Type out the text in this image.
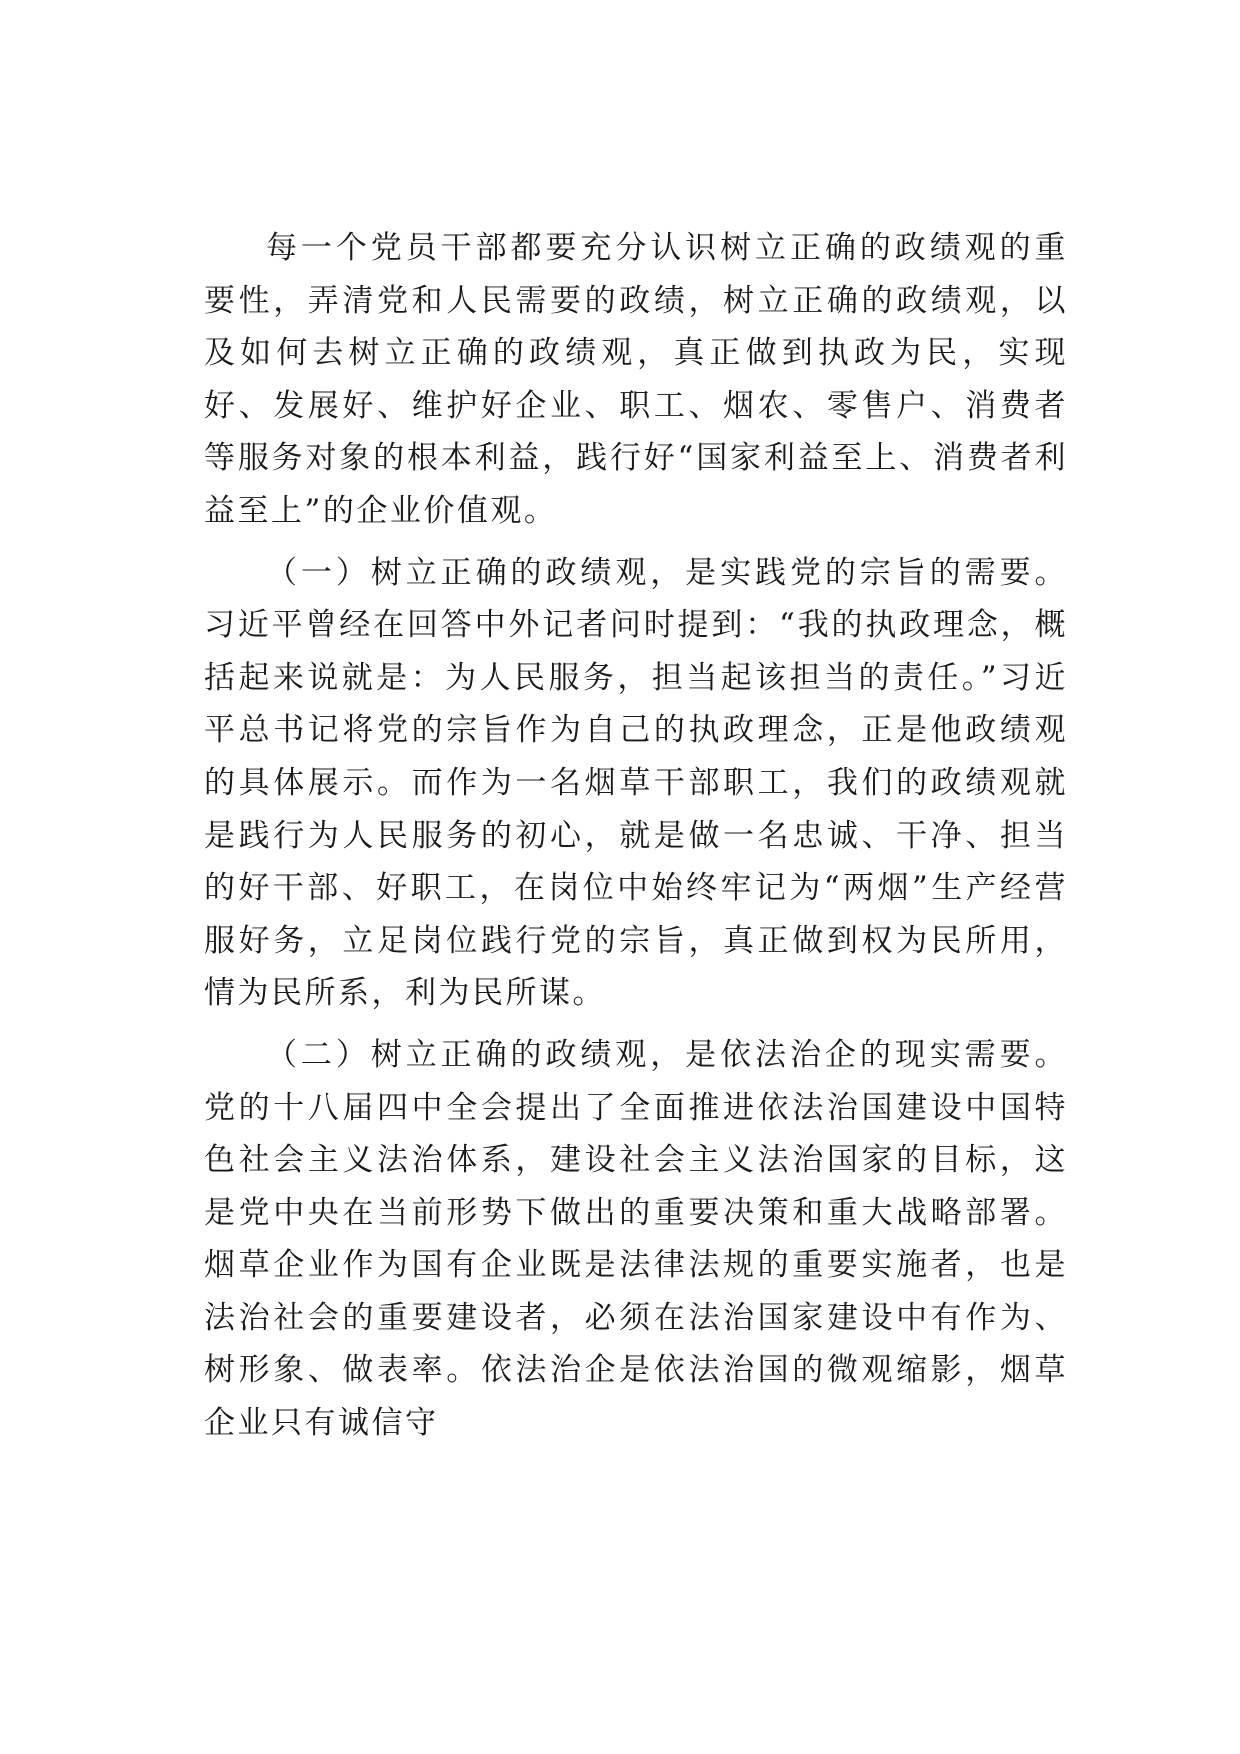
每一个党员干部都要充分认识树立正确的政绩观的重要性，弄清党和人民需要的政绩，树立正确的政绩观，以及如何去树立正确的政绩观，真正做到执政为民，实现好、发展好、维护好企业、职工、烟农、零售户、消费者等服务对象的根本利益，践行好“国家利益至上、消费者利益至上”的企业价值观。

（一）树立正确的政绩观，是实践党的宗旨的需要。习近平曾经在回答中外记者问时提到：“我的执政理念，概括起来说就是：为人民服务，担当起该担当的责任。”习近平总书记将党的宗旨作为自己的执政理念，正是他政绩观的具体展示。而作为一名烟草干部职工，我们的政绩观就是践行为人民服务的初心，就是做一名忠诚、干净、担当的好干部、好职工，在岗位中始终牢记为“两烟”生产经营服好务，立足岗位践行党的宗旨，真正做到权为民所用，情为民所系，利为民所谋。

（二）树立正确的政绩观，是依法治企的现实需要。党的十八届四中全会提出了全面推进依法治国建设中国特色社会主义法治体系，建设社会主义法治国家的目标，这是党中央在当前形势下做出的重要决策和重大战略部署。烟草企业作为国有企业既是法律法规的重要实施者，也是法治社会的重要建设者，必须在法治国家建设中有作为、树形象、做表率。依法治企是依法治国的微观缩影，烟草企业只有诚信守
